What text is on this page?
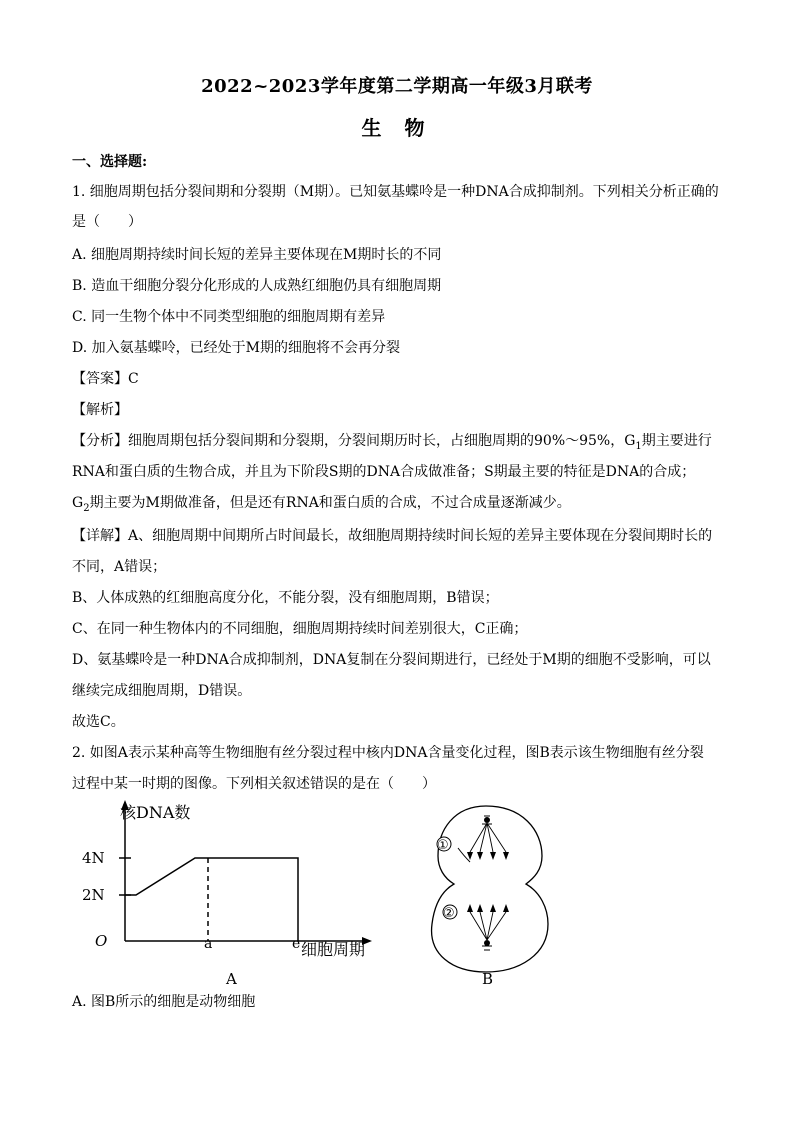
2022~2023学年度第二学期高一年级3月联考
生 物
一、选择题:
1. 细胞周期包括分裂间期和分裂期（M期）。已知氨基蝶呤是一种DNA合成抑制剂。下列相关分析正确的
是（　　）
A. 细胞周期持续时间长短的差异主要体现在M期时长的不同
B. 造血干细胞分裂分化形成的人成熟红细胞仍具有细胞周期
C. 同一生物个体中不同类型细胞的细胞周期有差异
D. 加入氨基蝶呤，已经处于M期的细胞将不会再分裂
【答案】C
【解析】
【分析】细胞周期包括分裂间期和分裂期，分裂间期历时长，占细胞周期的90%～95%，$G_1$期主要进行
RNA和蛋白质的生物合成，并且为下阶段S期的DNA合成做准备；S期最主要的特征是DNA的合成；
$G_2$期主要为M期做准备，但是还有RNA和蛋白质的合成，不过合成量逐渐减少。
【详解】A、细胞周期中间期所占时间最长，故细胞周期持续时间长短的差异主要体现在分裂间期时长的
不同，A错误；
B、人体成熟的红细胞高度分化，不能分裂，没有细胞周期，B错误；
C、在同一种生物体内的不同细胞，细胞周期持续时间差别很大，C正确；
D、氨基蝶呤是一种DNA合成抑制剂，DNA复制在分裂间期进行，已经处于M期的细胞不受影响，可以
继续完成细胞周期，D错误。
故选C。
2. 如图A表示某种高等生物细胞有丝分裂过程中核内DNA含量变化过程，图B表示该生物细胞有丝分裂
过程中某一时期的图像。下列相关叙述错误的是在（　　）
核DNA数
4N
2N
O	a	e 细胞周期
A
①
②
B
A. 图B所示的细胞是动物细胞
